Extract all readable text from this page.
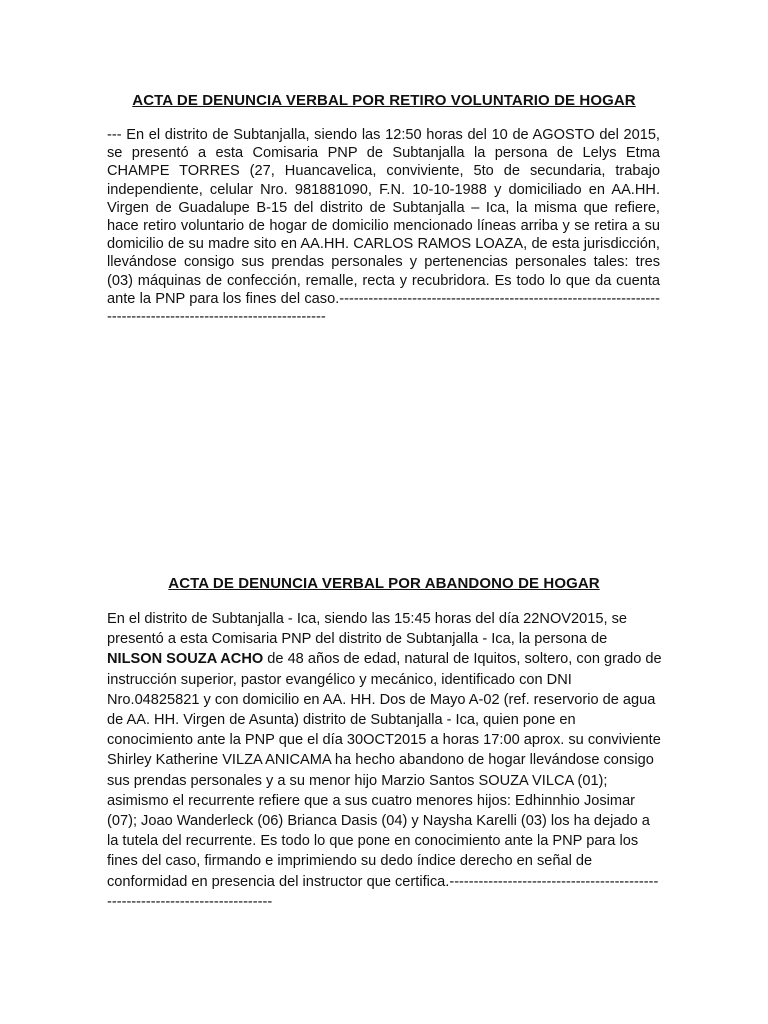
ACTA DE DENUNCIA VERBAL POR RETIRO VOLUNTARIO DE HOGAR

--- En el distrito de Subtanjalla, siendo las 12:50 horas del 10 de AGOSTO del 2015, se presentó a esta Comisaria PNP de Subtanjalla la persona de Lelys Etma CHAMPE TORRES (27, Huancavelica, conviviente, 5to de secundaria, trabajo independiente, celular Nro. 981881090, F.N. 10-10-1988 y domiciliado en AA.HH. Virgen de Guadalupe B-15 del distrito de Subtanjalla – Ica, la misma que refiere, hace retiro voluntario de hogar de domicilio mencionado líneas arriba y se retira a su domicilio de su madre sito en AA.HH. CARLOS RAMOS LOAZA, de esta jurisdicción, llevándose consigo sus prendas personales y pertenencias personales tales: tres (03) máquinas de confección, remalle, recta y recubridora. Es todo lo que da cuenta ante la PNP para los fines del caso.---------------------------------------------------------------------------------------------------------------

ACTA DE DENUNCIA VERBAL POR ABANDONO DE HOGAR

En el distrito de Subtanjalla - Ica, siendo las 15:45 horas del día 22NOV2015, se presentó a esta Comisaria PNP del distrito de Subtanjalla - Ica, la persona de NILSON SOUZA ACHO de 48 años de edad, natural de Iquitos, soltero, con grado de instrucción superior, pastor evangélico y mecánico, identificado con DNI Nro.04825821 y con domicilio en AA. HH. Dos de Mayo A-02 (ref. reservorio de agua de AA. HH. Virgen de Asunta) distrito de Subtanjalla - Ica, quien pone en conocimiento ante la PNP que el día 30OCT2015 a horas 17:00 aprox. su conviviente Shirley Katherine VILZA ANICAMA ha hecho abandono de hogar llevándose consigo sus prendas personales y a su menor hijo Marzio Santos SOUZA VILCA (01); asimismo el recurrente refiere que a sus cuatro menores hijos: Edhinnhio Josimar (07); Joao Wanderleck (06) Brianca Dasis (04) y Naysha Karelli (03) los ha dejado a la tutela del recurrente. Es todo lo que pone en conocimiento ante la PNP para los fines del caso, firmando e imprimiendo su dedo índice derecho en señal de conformidad en presencia del instructor que certifica.-----------------------------------------------------------------------------
